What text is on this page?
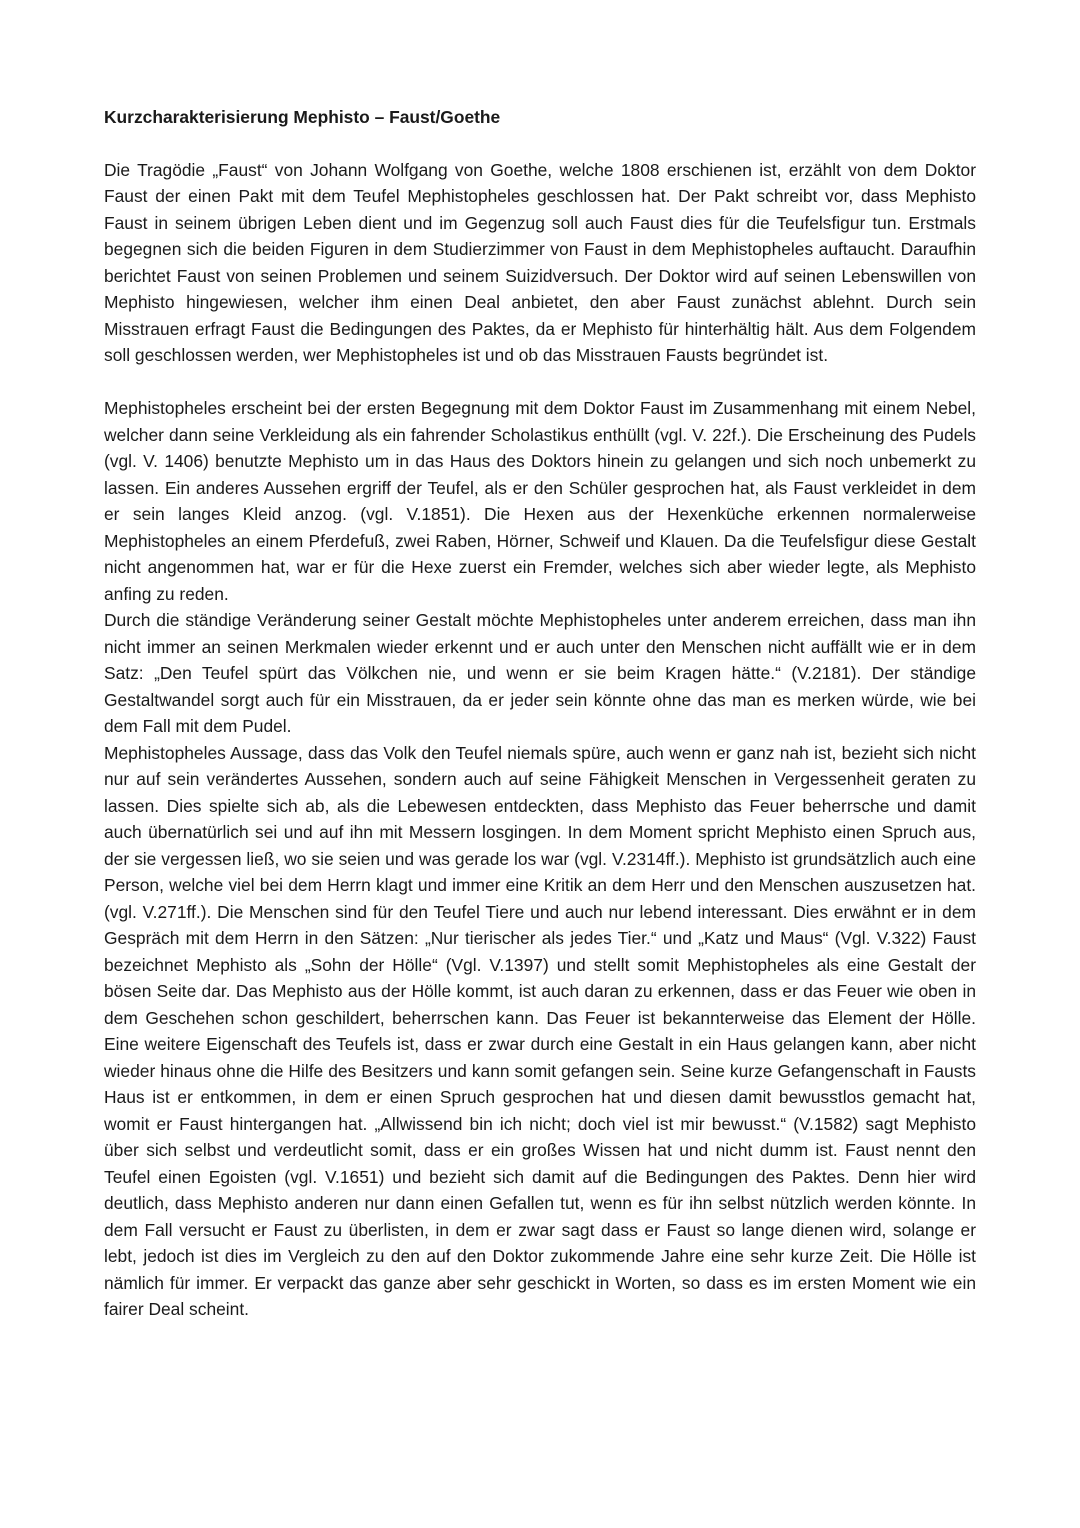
Kurzcharakterisierung Mephisto – Faust/Goethe

Die Tragödie „Faust“ von Johann Wolfgang von Goethe, welche 1808 erschienen ist, erzählt von dem Doktor Faust der einen Pakt mit dem Teufel Mephistopheles geschlossen hat. Der Pakt schreibt vor, dass Mephisto Faust in seinem übrigen Leben dient und im Gegenzug soll auch Faust dies für die Teufelsfigur tun. Erstmals begegnen sich die beiden Figuren in dem Studierzimmer von Faust in dem Mephistopheles auftaucht. Daraufhin berichtet Faust von seinen Problemen und seinem Suizidversuch. Der Doktor wird auf seinen Lebenswillen von Mephisto hingewiesen, welcher ihm einen Deal anbietet, den aber Faust zunächst ablehnt. Durch sein Misstrauen erfragt Faust die Bedingungen des Paktes, da er Mephisto für hinterhältig hält. Aus dem Folgendem soll geschlossen werden, wer Mephistopheles ist und ob das Misstrauen Fausts begründet ist.

Mephistopheles erscheint bei der ersten Begegnung mit dem Doktor Faust im Zusammenhang mit einem Nebel, welcher dann seine Verkleidung als ein fahrender Scholastikus enthüllt (vgl. V. 22f.). Die Erscheinung des Pudels (vgl. V. 1406) benutzte Mephisto um in das Haus des Doktors hinein zu gelangen und sich noch unbemerkt zu lassen. Ein anderes Aussehen ergriff der Teufel, als er den Schüler gesprochen hat, als Faust verkleidet in dem er sein langes Kleid anzog. (vgl. V.1851). Die Hexen aus der Hexenküche erkennen normalerweise Mephistopheles an einem Pferdefuß, zwei Raben, Hörner, Schweif und Klauen. Da die Teufelsfigur diese Gestalt nicht angenommen hat, war er für die Hexe zuerst ein Fremder, welches sich aber wieder legte, als Mephisto anfing zu reden.

Durch die ständige Veränderung seiner Gestalt möchte Mephistopheles unter anderem erreichen, dass man ihn nicht immer an seinen Merkmalen wieder erkennt und er auch unter den Menschen nicht auffällt wie er in dem Satz: „Den Teufel spürt das Völkchen nie, und wenn er sie beim Kragen hätte.“ (V.2181). Der ständige Gestaltwandel sorgt auch für ein Misstrauen, da er jeder sein könnte ohne das man es merken würde, wie bei dem Fall mit dem Pudel.

Mephistopheles Aussage, dass das Volk den Teufel niemals spüre, auch wenn er ganz nah ist, bezieht sich nicht nur auf sein verändertes Aussehen, sondern auch auf seine Fähigkeit Menschen in Vergessenheit geraten zu lassen. Dies spielte sich ab, als die Lebewesen entdeckten, dass Mephisto das Feuer beherrsche und damit auch übernatürlich sei und auf ihn mit Messern losgingen. In dem Moment spricht Mephisto einen Spruch aus, der sie vergessen ließ, wo sie seien und was gerade los war (vgl. V.2314ff.). Mephisto ist grundsätzlich auch eine Person, welche viel bei dem Herrn klagt und immer eine Kritik an dem Herr und den Menschen auszusetzen hat. (vgl. V.271ff.). Die Menschen sind für den Teufel Tiere und auch nur lebend interessant. Dies erwähnt er in dem Gespräch mit dem Herrn in den Sätzen: „Nur tierischer als jedes Tier.“ und „Katz und Maus“ (Vgl. V.322) Faust bezeichnet Mephisto als „Sohn der Hölle“ (Vgl. V.1397) und stellt somit Mephistopheles als eine Gestalt der bösen Seite dar. Das Mephisto aus der Hölle kommt, ist auch daran zu erkennen, dass er das Feuer wie oben in dem Geschehen schon geschildert, beherrschen kann. Das Feuer ist bekannterweise das Element der Hölle. Eine weitere Eigenschaft des Teufels ist, dass er zwar durch eine Gestalt in ein Haus gelangen kann, aber nicht wieder hinaus ohne die Hilfe des Besitzers und kann somit gefangen sein. Seine kurze Gefangenschaft in Fausts Haus ist er entkommen, in dem er einen Spruch gesprochen hat und diesen damit bewusstlos gemacht hat, womit er Faust hintergangen hat. „Allwissend bin ich nicht; doch viel ist mir bewusst.“ (V.1582) sagt Mephisto über sich selbst und verdeutlicht somit, dass er ein großes Wissen hat und nicht dumm ist. Faust nennt den Teufel einen Egoisten (vgl. V.1651) und bezieht sich damit auf die Bedingungen des Paktes. Denn hier wird deutlich, dass Mephisto anderen nur dann einen Gefallen tut, wenn es für ihn selbst nützlich werden könnte. In dem Fall versucht er Faust zu überlisten, in dem er zwar sagt dass er Faust so lange dienen wird, solange er lebt, jedoch ist dies im Vergleich zu den auf den Doktor zukommende Jahre eine sehr kurze Zeit. Die Hölle ist nämlich für immer. Er verpackt das ganze aber sehr geschickt in Worten, so dass es im ersten Moment wie ein fairer Deal scheint.
